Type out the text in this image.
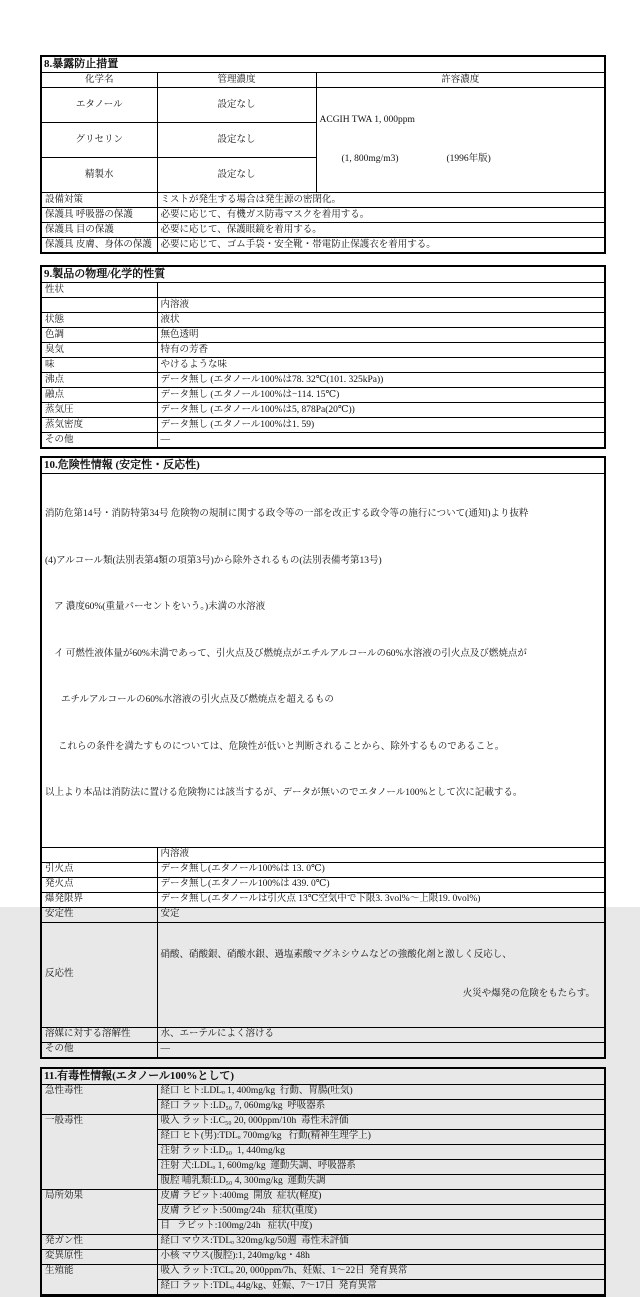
8.暴露防止措置		
化学名	管理濃度	許容濃度
エタノール	設定なし	ACGIH TWA 1, 000ppm

(1, 800mg/m3) (1996年版)

グリセリン	設定なし	
精製水	設定なし	
設備対策	ミストが発生する場合は発生源の密閉化。	
保護具 呼吸器の保護	必要に応じて、有機ガス防毒マスクを着用する。	
保護具 目の保護	必要に応じて、保護眼鏡を着用する。	
保護具 皮膚、身体の保護	必要に応じて、ゴム手袋・安全靴・帯電防止保護衣を着用する。	
9.製品の物理/化学的性質	
性状	
	内溶液
状態	液状
色調	無色透明
臭気	特有の芳香
味	やけるような味
沸点	データ無し (エタノール100%は78. 32℃(101. 325kPa))
融点	データ無し (エタノール100%は−114. 15℃)
蒸気圧	データ無し (エタノール100%は5, 878Pa(20℃))
蒸気密度	データ無し (エタノール100%は1. 59)
その他	—
10.危険性情報 (安定性・反応性)	

消防危第14号・消防特第34号 危険物の規制に関する政令等の一部を改正する政令等の施行について(通知)より抜粋

(4)アルコール類(法別表第4類の項第3号)から除外されるもの(法別表備考第13号)

ア 濃度60%(重量パーセントをいう。)未満の水溶液

イ 可燃性液体量が60%未満であって、引火点及び燃焼点がエチルアルコールの60%水溶液の引火点及び燃焼点が

エチルアルコールの60%水溶液の引火点及び燃焼点を超えるもの

これらの条件を満たすものについては、危険性が低いと判断されることから、除外するものであること。

以上より本品は消防法に置ける危険物には該当するが、データが無いのでエタノール100%として次に記載する。

	内溶液
引火点	データ無し(エタノール100%は 13. 0℃)
発火点	データ無し(エタノール100%は 439. 0℃)
爆発限界	データ無し(エタノールは引火点 13℃空気中で下限3. 3vol%～上限19. 0vol%)
安定性	安定
反応性	硝酸、硝酸銀、硝酸水銀、過塩素酸マグネシウムなどの強酸化剤と激しく反応し、

火災や爆発の危険をもたらす。

溶媒に対する溶解性	水、エーテルによく溶ける
その他	—
11.有毒性情報(エタノール100%として)	
急性毒性	経口 ヒト:LDLₒ 1, 400mg/kg  行動、胃腸(吐気)
	経口 ラット:LD₅₀ 7, 060mg/kg  呼吸器系
一般毒性	吸入 ラット:LC₅₀ 20, 000ppm/10h  毒性未評価
	経口 ヒト(男):TDLₒ 700mg/kg   行動(精神生理学上)
	注射 ラット:LD₅₀  1, 440mg/kg
	注射 犬:LDLₒ 1, 600mg/kg  運動失調、呼吸器系
	腹腔 哺乳類:LD₅₀ 4, 300mg/kg  運動失調
局所効果	皮膚 ラビット:400mg  開放  症状(軽度)
	皮膚 ラビット:500mg/24h   症状(重度)
	目   ラビット:100mg/24h   症状(中度)
発ガン性	経口 マウス:TDLₒ 320mg/kg/50週  毒性未評価
変異原性	小核 マウス(腹腔):1, 240mg/kg・48h
生殖能	吸入 ラット:TCLₒ 20, 000ppm/7h、妊娠、1～22日  発育異常
	経口 ラット:TDLₒ 44g/kg、妊娠、7～17日  発育異常
